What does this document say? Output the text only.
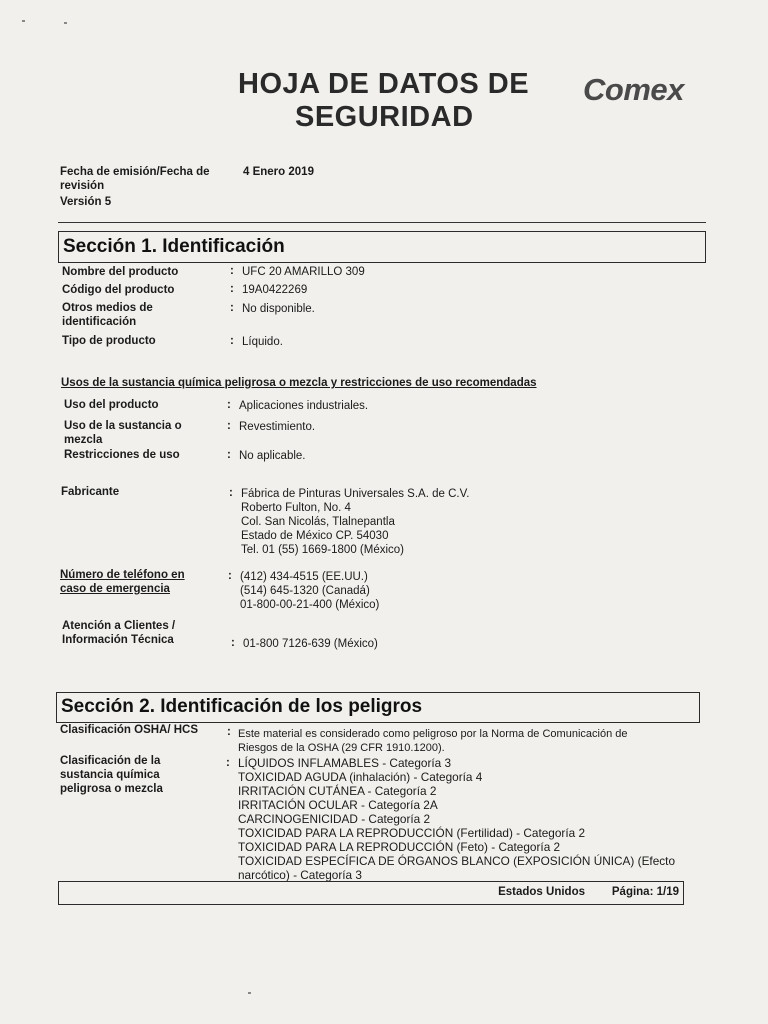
HOJA DE DATOS DE
SEGURIDAD
Comex
Fecha de emisión/Fecha de revisión
4 Enero 2019
Versión 5
Sección 1. Identificación
Nombre del producto	: UFC 20 AMARILLO 309
Código del producto	: 19A0422269
Otros medios de identificación
: No disponible.
Tipo de producto	: Líquido.
Usos de la sustancia química peligrosa o mezcla y restricciones de uso recomendadas
Uso del producto	: Aplicaciones industriales.
Uso de la sustancia o mezcla
: Revestimiento.
Restricciones de uso	: No aplicable.
Fabricante	: Fábrica de Pinturas Universales S.A. de C.V.
Roberto Fulton, No. 4
Col. San Nicolás, Tlalnepantla
Estado de México CP. 54030
Tel. 01 (55) 1669-1800 (México)
Número de teléfono en caso de emergencia
: (412) 434-4515 (EE.UU.)
(514) 645-1320 (Canadá)
01-800-00-21-400 (México)
Atención a Clientes / Información Técnica	: 01-800 7126-639 (México)
Sección 2. Identificación de los peligros
Clasificación OSHA/ HCS	: Este material es considerado como peligroso por la Norma de Comunicación de
Riesgos de la OSHA (29 CFR 1910.1200).
Clasificación de la sustancia química peligrosa o mezcla
: LÍQUIDOS INFLAMABLES - Categoría 3
TOXICIDAD AGUDA (inhalación) - Categoría 4
IRRITACIÓN CUTÁNEA - Categoría 2
IRRITACIÓN OCULAR - Categoría 2A
CARCINOGENICIDAD - Categoría 2
TOXICIDAD PARA LA REPRODUCCIÓN (Fertilidad) - Categoría 2
TOXICIDAD PARA LA REPRODUCCIÓN (Feto) - Categoría 2
TOXICIDAD ESPECÍFICA DE ÓRGANOS BLANCO (EXPOSICIÓN ÚNICA) (Efecto
narcótico) - Categoría 3
Estados Unidos Página: 1/19
